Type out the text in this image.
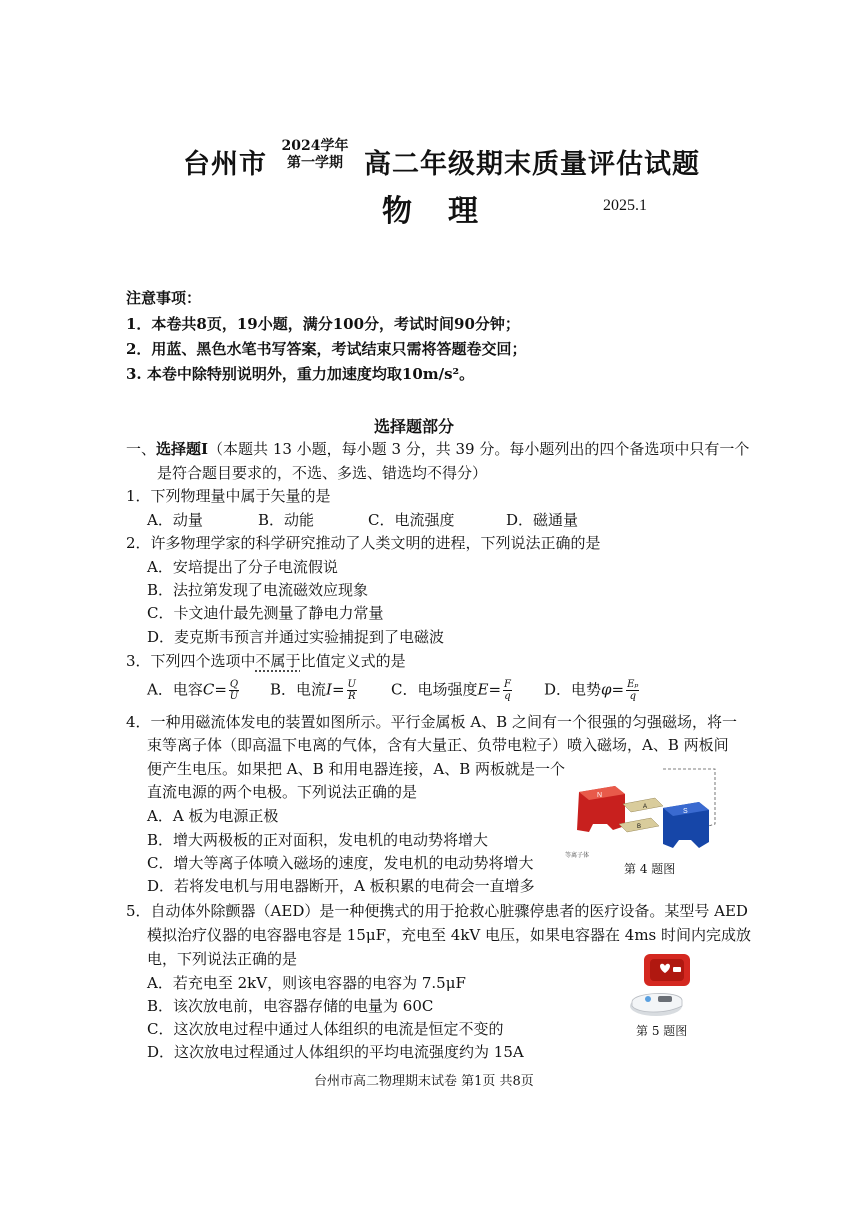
台州市
2024学年
第一学期 高二年级期末质量评估试题
物理	2025.1
注意事项：
1．本卷共8页，19小题，满分100分，考试时间90分钟；
2．用蓝、黑色水笔书写答案，考试结束只需将答题卷交回；
3. 本卷中除特别说明外，重力加速度均取10m/s²。
选择题部分
一、选择题I（本题共 13 小题，每小题 3 分，共 39 分。每小题列出的四个备选项中只有一个
是符合题目要求的，不选、多选、错选均不得分）
1．下列物理量中属于矢量的是
A．动量	B．动能	C．电流强度	D．磁通量
2．许多物理学家的科学研究推动了人类文明的进程，下列说法正确的是
A．安培提出了分子电流假说
B．法拉第发现了电流磁效应现象
C．卡文迪什最先测量了静电力常量
D．麦克斯韦预言并通过实验捕捉到了电磁波
3．下列四个选项中不属于比值定义式的是
A．电容$C= \frac{Q}{U}$ B．电流$I= \frac{U}{R}$ C．电场强度$E= \frac{F}{q}$ D．电势$\varphi= \frac{\text{Eₚ}}{q}$
4．一种用磁流体发电的装置如图所示。平行金属板 A、B 之间有一个很强的匀强磁场，将一
束等离子体（即高温下电离的气体，含有大量正、负带电粒子）喷入磁场，A、B 两板间
便产生电压。如果把 A、B 和用电器连接，A、B 两板就是一个
直流电源的两个电极。下列说法正确的是
A．A 板为电源正极
B．增大两极板的正对面积，发电机的电动势将增大
C．增大等离子体喷入磁场的速度，发电机的电动势将增大
D．若将发电机与用电器断开，A 板积累的电荷会一直增多
N
A
B
S
等离子体
第 4 题图
5．自动体外除颤器（AED）是一种便携式的用于抢救心脏骤停患者的医疗设备。某型号 AED
模拟治疗仪器的电容器电容是 15μF，充电至 4kV 电压，如果电容器在 4ms 时间内完成放
电，下列说法正确的是
A．若充电至 2kV，则该电容器的电容为 7.5μF
B．该次放电前，电容器存储的电量为 60C
C．这次放电过程中通过人体组织的电流是恒定不变的
D．这次放电过程通过人体组织的平均电流强度约为 15A
第 5 题图
台州市高二物理期末试卷 第1页 共8页
